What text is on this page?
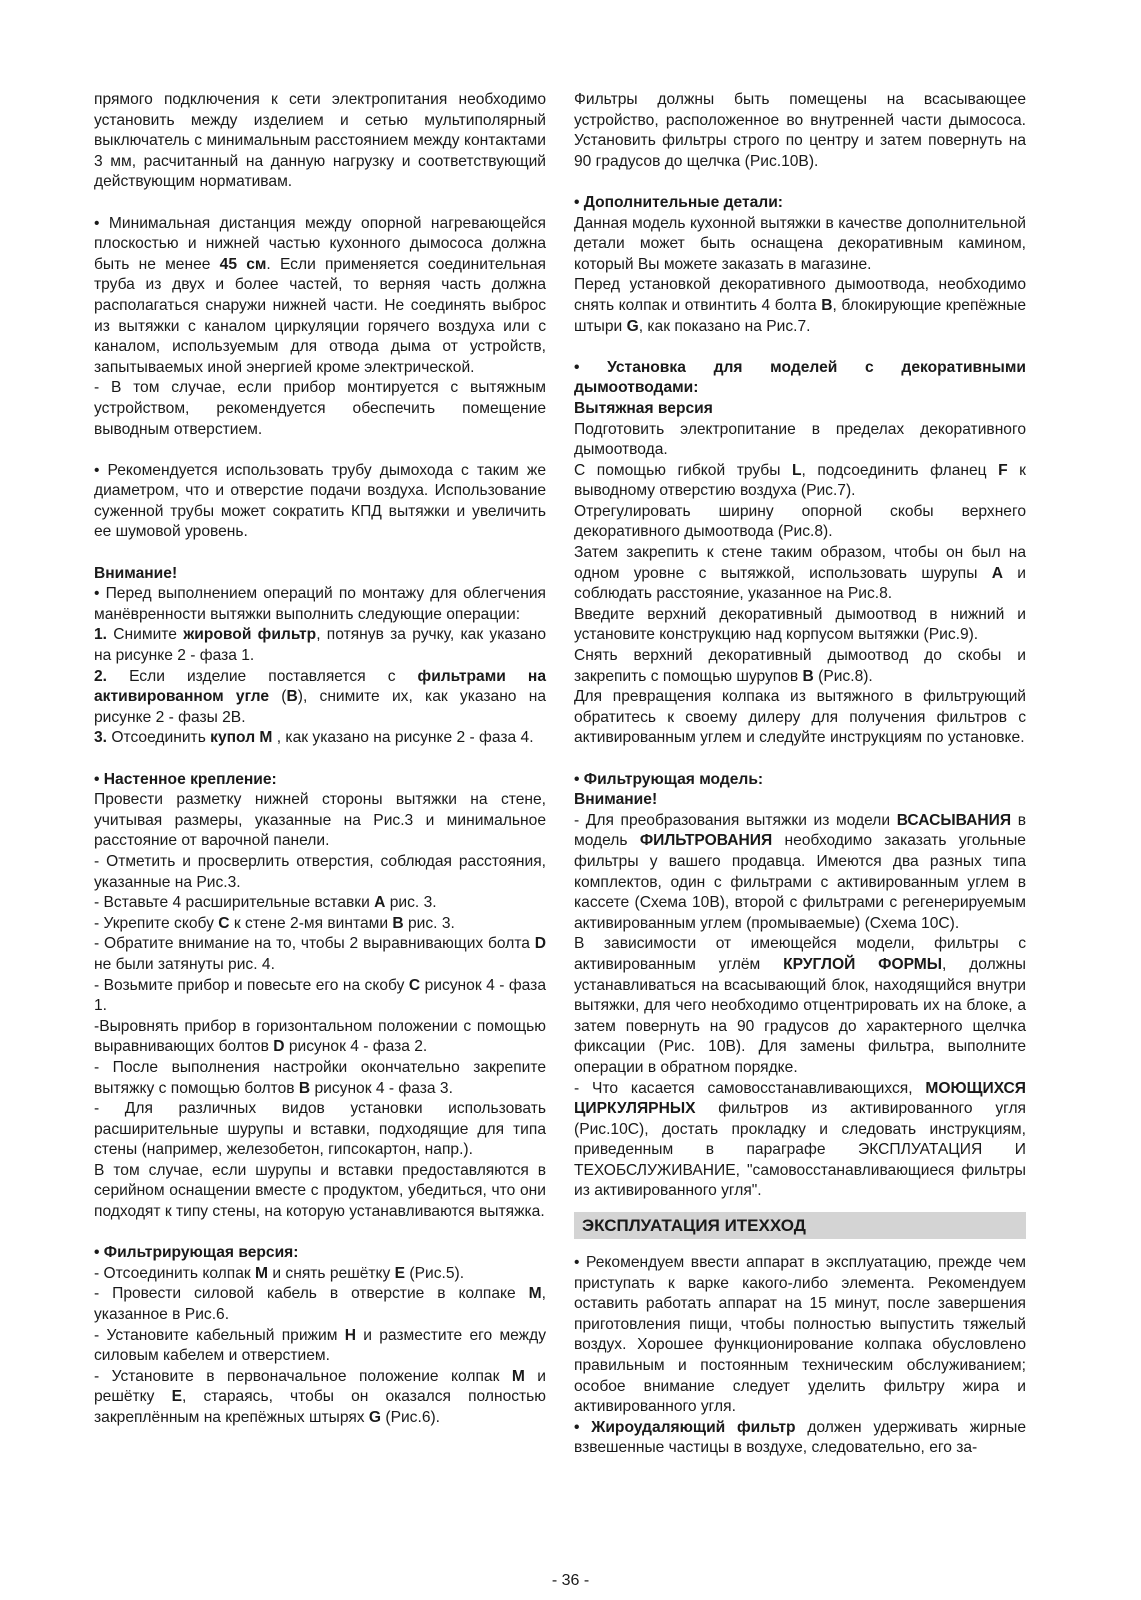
прямого подключения к сети электропитания необходимо установить между изделием и сетью мультиполярный выключатель с минимальным расстоянием между контактами 3 мм, расчитанный на данную нагрузку и соответствующий действующим нормативам.

• Минимальная дистанция между опорной нагревающейся плоскостью и нижней частью кухонного дымососа должна быть не менее 45 см. Если применяется соединительная труба из двух и более частей, то верняя часть должна располагаться снаружи нижней части. Не соединять выброс из вытяжки с каналом циркуляции горячего воздуха или с каналом, используемым для отвода дыма от устройств, запытываемых иной энергией кроме электрической.

- В том случае, если прибор монтируется с вытяжным устройством, рекомендуется обеспечить помещение выводным отверстием.

• Рекомендуется использовать трубу дымохода с таким же диаметром, что и отверстие подачи воздуха. Использование суженной трубы может сократить КПД вытяжки и увеличить ее шумовой уровень.

Внимание!

• Перед выполнением операций по монтажу для облегчения манёвренности вытяжки выполнить следующие операции:

1. Снимите жировой фильтр, потянув за ручку, как указано на рисунке 2 - фаза 1.

2. Если изделие поставляется с фильтрами на активированном угле (B), снимите их, как указано на рисунке 2 - фазы 2B.

3. Отсоединить купол M , как указано на рисунке 2 - фаза 4.

• Настенное крепление:

Провести разметку нижней стороны вытяжки на стене, учитывая размеры, указанные на Рис.3 и минимальное расстояние от варочной панели.

- Отметить и просверлить отверстия, соблюдая расстояния, указанные на Рис.3.

- Вставьте 4 расширительные вставки A рис. 3.

- Укрепите скобу C к стене 2-мя винтами B рис. 3.

- Обратите внимание на то, чтобы 2 выравнивающих болта D не были затянуты рис. 4.

- Возьмите прибор и повесьте его на скобу C рисунок 4 - фаза 1.

-Выровнять прибор в горизонтальном положении с помощью выравнивающих болтов D рисунок 4 - фаза 2.

- После выполнения настройки окончательно закрепите вытяжку с помощью болтов B рисунок 4 - фаза 3.

- Для различных видов установки использовать расширительные шурупы и вставки, подходящие для типа стены (например, железобетон, гипсокартон, напр.).

В том случае, если шурупы и вставки предоставляются в серийном оснащении вместе с продуктом, убедиться, что они подходят к типу стены, на которую устанавливаются вытяжка.

• Фильтрирующая версия:

- Отсоединить колпак M и снять решётку E (Рис.5).

- Провести силовой кабель в отверстие в колпаке M, указанное в Рис.6.

- Установите кабельный прижим H и разместите его между силовым кабелем и отверстием.

- Установите в первоначальное положение колпак M и решётку E, стараясь, чтобы он оказался полностью закреплённым на крепёжных штырях G (Рис.6).

Фильтры должны быть помещены на всасывающее устройство, расположенное во внутренней части дымососа. Установить фильтры строго по центру и затем повернуть на 90 градусов до щелчка (Рис.10B).

• Дополнительные детали:

Данная модель кухонной вытяжки в качестве дополнительной детали может быть оснащена декоративным камином, который Вы можете заказать в магазине.

Перед установкой декоративного дымоотвода, необходимо снять колпак и отвинтить 4 болта B, блокирующие крепёжные штыри G, как показано на Рис.7.

• Установка для моделей с декоративными дымоотводами:

Вытяжная версия

Подготовить электропитание в пределах декоративного дымоотвода.

С помощью гибкой трубы L, подсоединить фланец F к выводному отверстию воздуха (Рис.7).

Отрегулировать ширину опорной скобы верхнего декоративного дымоотвода (Рис.8).

Затем закрепить к стене таким образом, чтобы он был на одном уровне с вытяжкой, использовать шурупы A и соблюдать расстояние, указанное на Рис.8.

Введите верхний декоративный дымоотвод в нижний и установите конструкцию над корпусом вытяжки (Рис.9).

Снять верхний декоративный дымоотвод до скобы и закрепить с помощью шурупов B (Рис.8).

Для превращения колпака из вытяжного в фильтрующий обратитесь к своему дилеру для получения фильтров с активированным углем и следуйте инструкциям по установке.

• Фильтрующая модель:

Внимание!

- Для преобразования вытяжки из модели ВСАСЫВАНИЯ в модель ФИЛЬТРОВАНИЯ необходимо заказать угольные фильтры у вашего продавца. Имеются два разных типа комплектов, один с фильтрами с активированным углем в кассете (Схема 10B), второй с фильтрами с регенерируемым активированным углем (промываемые) (Схема 10C).

В зависимости от имеющейся модели, фильтры с активированным углём КРУГЛОЙ ФОРМЫ, должны устанавливаться на всасывающий блок, находящийся внутри вытяжки, для чего необходимо отцентрировать их на блоке, а затем повернуть на 90 градусов до характерного щелчка фиксации (Рис. 10B). Для замены фильтра, выполните операции в обратном порядке.

- Что касается самовосстанавливающихся, МОЮЩИХСЯ ЦИРКУЛЯРНЫХ фильтров из активированного угля (Рис.10C), достать прокладку и следовать инструкциям, приведенным в параграфе ЭКСПЛУАТАЦИЯ И ТЕХОБСЛУЖИВАНИЕ, "самовосстанавливающиеся фильтры из активированного угля".

ЭКСПЛУАТАЦИЯ ИТЕХХОД

• Рекомендуем ввести аппарат в эксплуатацию, прежде чем приступать к варке какого-либо элемента. Рекомендуем оставить работать аппарат на 15 минут, после завершения приготовления пищи, чтобы полностью выпустить тяжелый воздух. Хорошее функционирование колпака обусловлено правильным и постоянным техническим обслуживанием; особое внимание следует уделить фильтру жира и активированного угля.

• Жироудаляющий фильтр должен удерживать жирные взвешенные частицы в воздухе, следовательно, его за-

- 36 -
